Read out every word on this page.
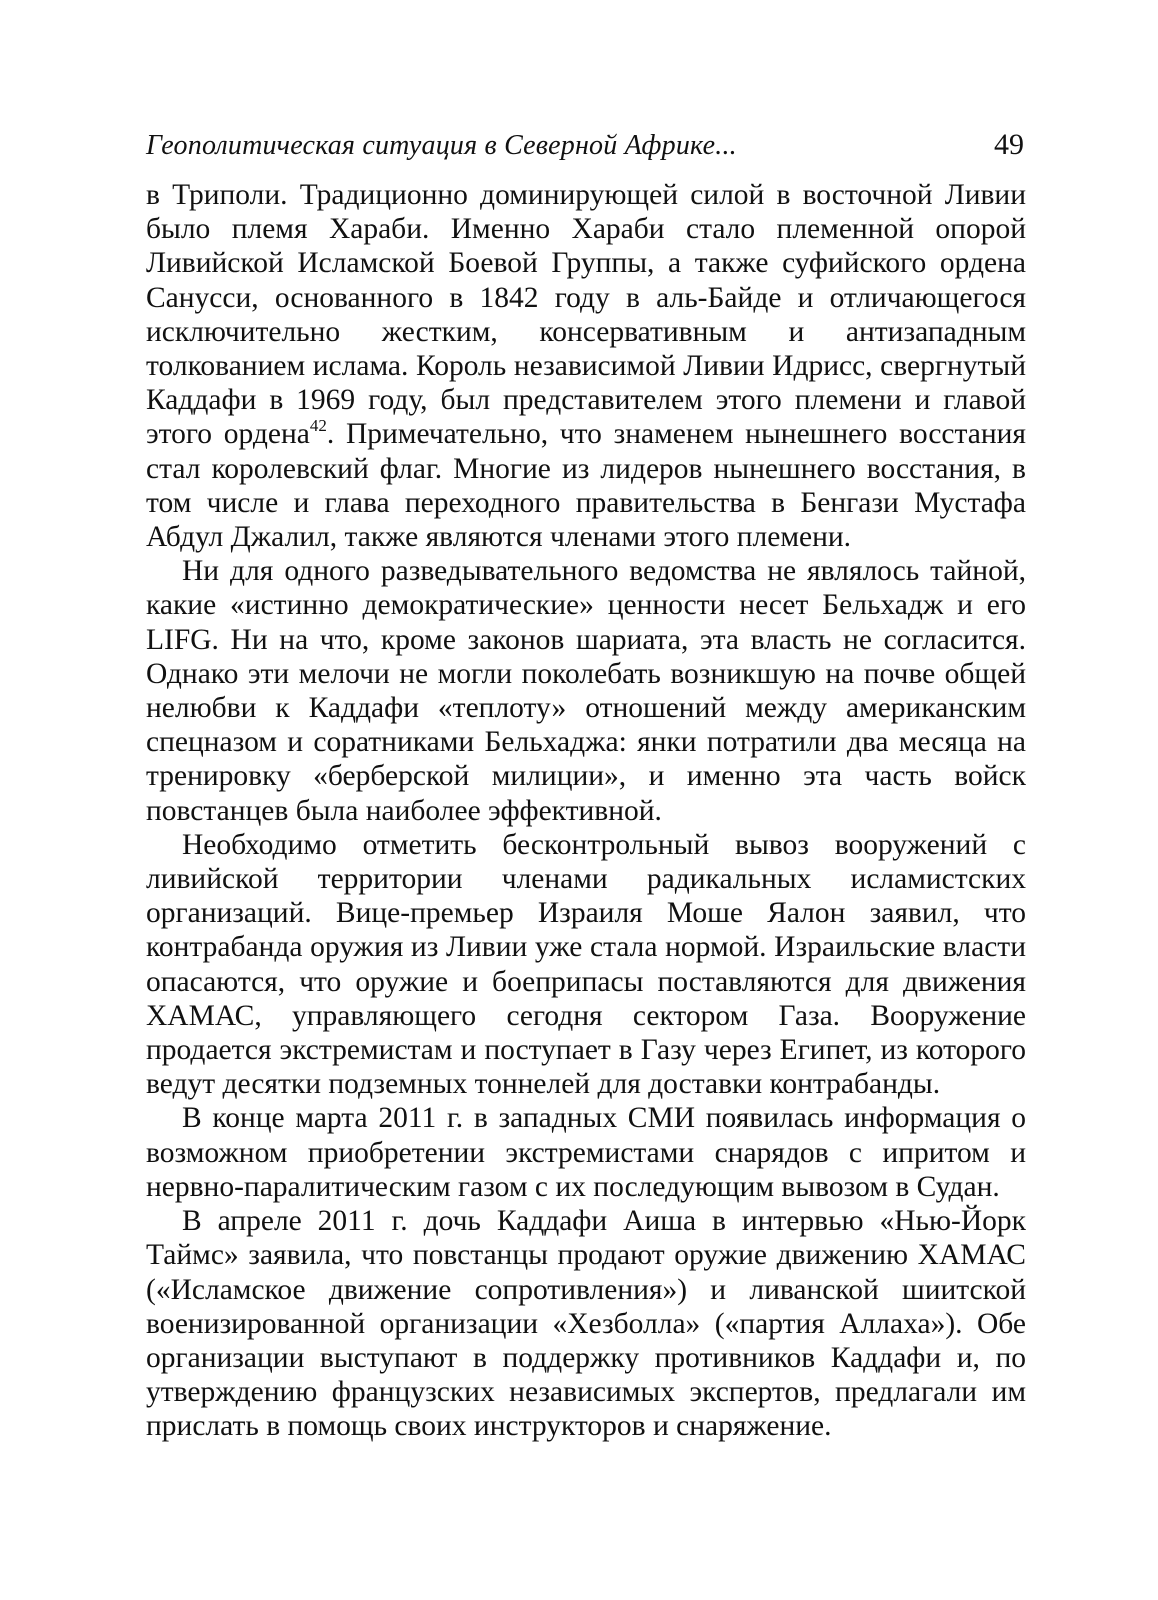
Геополитическая ситуация в Северной Африке...	49

в Триполи. Традиционно доминирующей силой в восточной Ливии было племя Хараби. Именно Хараби стало племенной опорой Ливийской Исламской Боевой Группы, а также суфийского ордена Санусси, основанного в 1842 году в аль-Байде и отличающегося исключительно жестким, консервативным и антизападным толкованием ислама. Король независимой Ливии Идрисс, свергнутый Каддафи в 1969 году, был представителем этого племени и главой этого ордена$^{42}$. Примечательно, что знаменем нынешнего восстания стал королевский флаг. Многие из лидеров нынешнего восстания, в том числе и глава переходного правительства в Бенгази Мустафа Абдул Джалил, также являются членами этого племени.

Ни для одного разведывательного ведомства не являлось тайной, какие «истинно демократические» ценности несет Бельхадж и его LIFG. Ни на что, кроме законов шариата, эта власть не согласится. Однако эти мелочи не могли поколебать возникшую на почве общей нелюбви к Каддафи «теплоту» отношений между американским спецназом и соратниками Бельхаджа: янки потратили два месяца на тренировку «берберской милиции», и именно эта часть войск повстанцев была наиболее эффективной.

Необходимо отметить бесконтрольный вывоз вооружений с ливийской территории членами радикальных исламистских организаций. Вице-премьер Израиля Моше Яалон заявил, что контрабанда оружия из Ливии уже стала нормой. Израильские власти опасаются, что оружие и боеприпасы поставляются для движения ХАМАС, управляющего сегодня сектором Газа. Вооружение продается экстремистам и поступает в Газу через Египет, из которого ведут десятки подземных тоннелей для доставки контрабанды.

В конце марта 2011 г. в западных СМИ появилась информация о возможном приобретении экстремистами снарядов с ипритом и нервно-паралитическим газом с их последующим вывозом в Судан.

В апреле 2011 г. дочь Каддафи Аиша в интервью «Нью-Йорк Таймс» заявила, что повстанцы продают оружие движению ХАМАС («Исламское движение сопротивления») и ливанской шиитской военизированной организации «Хезболла» («партия Аллаха»). Обе организации выступают в поддержку противников Каддафи и, по утверждению французских независимых экспертов, предлагали им прислать в помощь своих инструкторов и снаряжение.
